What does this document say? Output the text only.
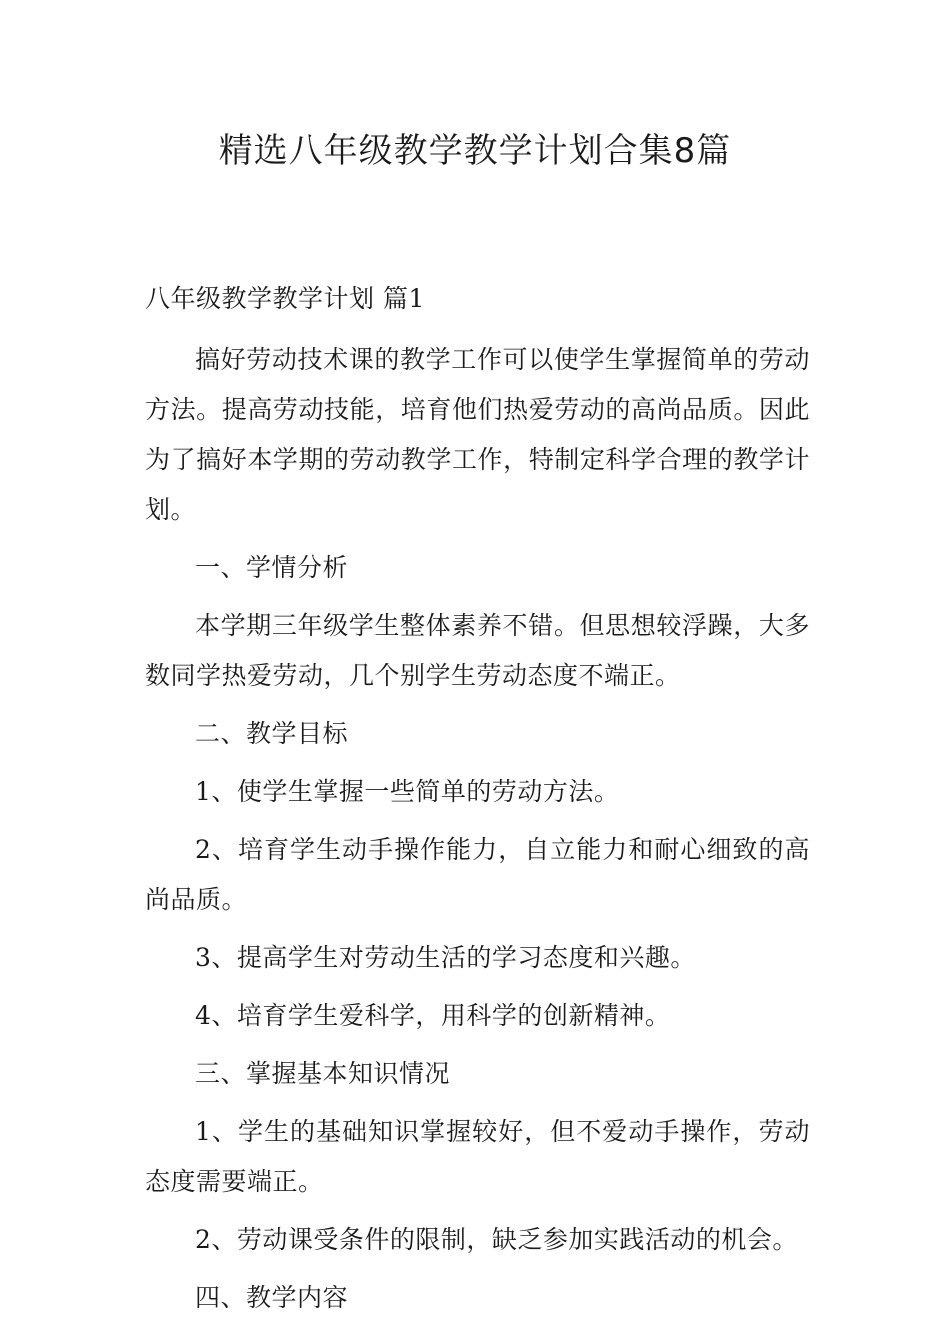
精选八年级教学教学计划合集8篇

八年级教学教学计划 篇1

搞好劳动技术课的教学工作可以使学生掌握简单的劳动方法。提高劳动技能，培育他们热爱劳动的高尚品质。因此为了搞好本学期的劳动教学工作，特制定科学合理的教学计划。

一、学情分析

本学期三年级学生整体素养不错。但思想较浮躁，大多数同学热爱劳动，几个别学生劳动态度不端正。

二、教学目标

1、使学生掌握一些简单的劳动方法。

2、培育学生动手操作能力，自立能力和耐心细致的高尚品质。

3、提高学生对劳动生活的学习态度和兴趣。

4、培育学生爱科学，用科学的创新精神。

三、掌握基本知识情况

1、学生的基础知识掌握较好，但不爱动手操作，劳动态度需要端正。

2、劳动课受条件的限制，缺乏参加实践活动的机会。

四、教学内容
